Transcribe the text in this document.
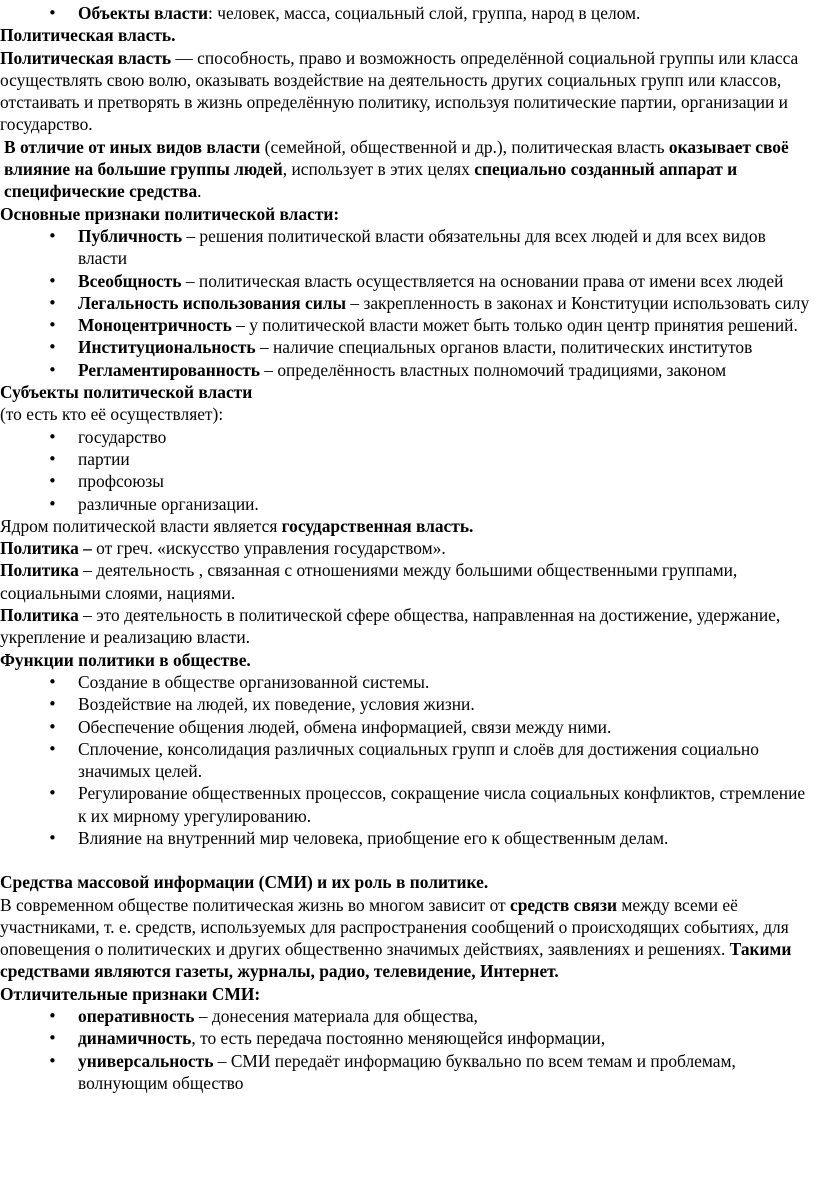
• Объекты власти: человек, масса, социальный слой, группа, народ в целом.

Политическая власть.

Политическая власть — способность, право и возможность определённой социальной группы или класса осуществлять свою волю, оказывать воздействие на деятельность других социальных групп или классов, отстаивать и претворять в жизнь определённую политику, используя политические партии, организации и государство.

В отличие от иных видов власти (семейной, общественной и др.), политическая власть оказывает своё влияние на большие группы людей, использует в этих целях специально созданный аппарат и специфические средства.

Основные признаки политической власти:

• Публичность – решения политической власти обязательны для всех людей и для всех видов власти
• Всеобщность – политическая власть осуществляется на основании права от имени всех людей
• Легальность использования силы – закрепленность в законах и Конституции использовать силу
• Моноцентричность – у политической власти может быть только один центр принятия решений.
• Институциональность – наличие специальных органов власти, политических институтов
• Регламентированность – определённость властных полномочий традициями, законом

Субъекты политической власти

(то есть кто её осуществляет):

• государство
• партии
• профсоюзы
• различные организации.

Ядром политической власти является государственная власть.

Политика – от греч. «искусство управления государством».

Политика – деятельность , связанная с отношениями между большими общественными группами, социальными слоями, нациями.

Политика – это деятельность в политической сфере общества, направленная на достижение, удержание, укрепление и реализацию власти.

Функции политики в обществе.

• Создание в обществе организованной системы.
• Воздействие на людей, их поведение, условия жизни.
• Обеспечение общения людей, обмена информацией, связи между ними.
• Сплочение, консолидация различных социальных групп и слоёв для достижения социально значимых целей.
• Регулирование общественных процессов, сокращение числа социальных конфликтов, стремление к их мирному урегулированию.
• Влияние на внутренний мир человека, приобщение его к общественным делам.

Средства массовой информации (СМИ) и их роль в политике.

В современном обществе политическая жизнь во многом зависит от средств связи между всеми её участниками, т. е. средств, используемых для распространения сообщений о происходящих событиях, для оповещения о политических и других общественно значимых действиях, заявлениях и решениях. Такими средствами являются газеты, журналы, радио, телевидение, Интернет.

Отличительные признаки СМИ:

• оперативность – донесения материала для общества,
• динамичность, то есть передача постоянно меняющейся информации,
• универсальность – СМИ передаёт информацию буквально по всем темам и проблемам, волнующим общество
